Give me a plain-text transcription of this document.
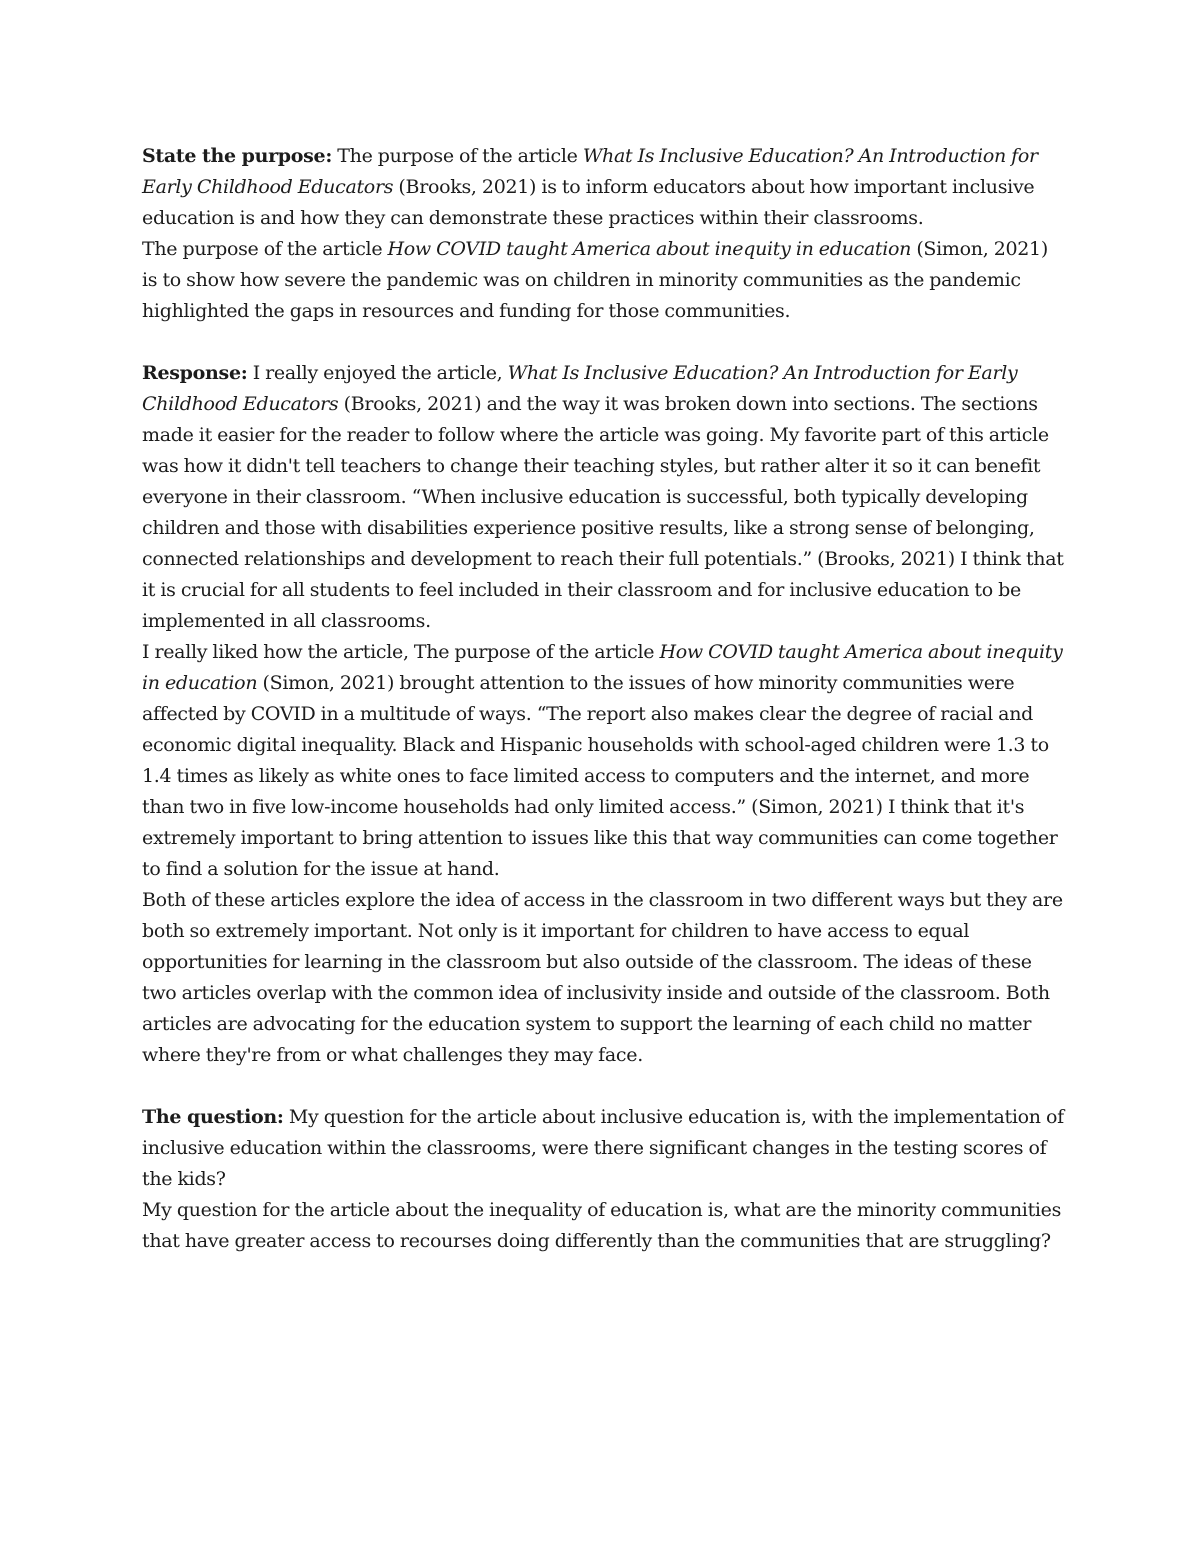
State the purpose: The purpose of the article What Is Inclusive Education? An Introduction for Early Childhood Educators (Brooks, 2021) is to inform educators about how important inclusive education is and how they can demonstrate these practices within their classrooms.

The purpose of the article How COVID taught America about inequity in education (Simon, 2021) is to show how severe the pandemic was on children in minority communities as the pandemic highlighted the gaps in resources and funding for those communities.

Response: I really enjoyed the article, What Is Inclusive Education? An Introduction for Early Childhood Educators (Brooks, 2021) and the way it was broken down into sections. The sections made it easier for the reader to follow where the article was going. My favorite part of this article was how it didn't tell teachers to change their teaching styles, but rather alter it so it can benefit everyone in their classroom. “When inclusive education is successful, both typically developing children and those with disabilities experience positive results, like a strong sense of belonging, connected relationships and development to reach their full potentials.” (Brooks, 2021) I think that it is crucial for all students to feel included in their classroom and for inclusive education to be implemented in all classrooms.

I really liked how the article, The purpose of the article How COVID taught America about inequity in education (Simon, 2021) brought attention to the issues of how minority communities were affected by COVID in a multitude of ways. “The report also makes clear the degree of racial and economic digital inequality. Black and Hispanic households with school-aged children were 1.3 to 1.4 times as likely as white ones to face limited access to computers and the internet, and more than two in five low-income households had only limited access.” (Simon, 2021) I think that it's extremely important to bring attention to issues like this that way communities can come together to find a solution for the issue at hand.

Both of these articles explore the idea of access in the classroom in two different ways but they are both so extremely important. Not only is it important for children to have access to equal opportunities for learning in the classroom but also outside of the classroom. The ideas of these two articles overlap with the common idea of inclusivity inside and outside of the classroom. Both articles are advocating for the education system to support the learning of each child no matter where they're from or what challenges they may face.

The question: My question for the article about inclusive education is, with the implementation of inclusive education within the classrooms, were there significant changes in the testing scores of the kids?

My question for the article about the inequality of education is, what are the minority communities that have greater access to recourses doing differently than the communities that are struggling?
